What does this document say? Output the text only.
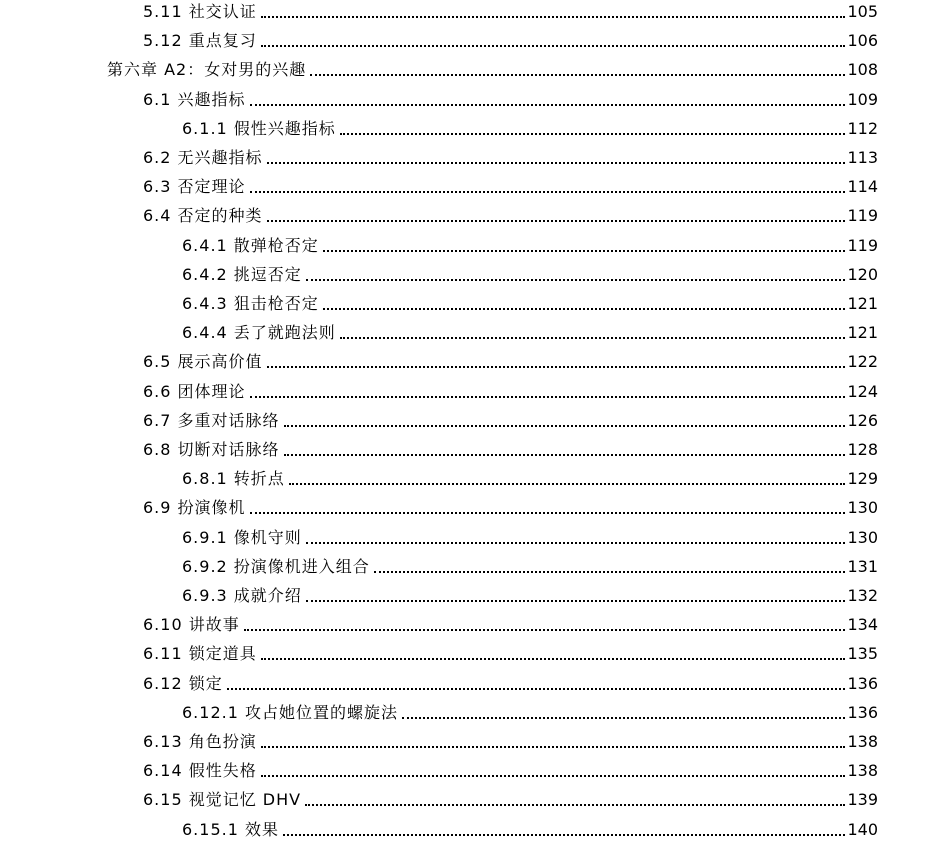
5.11 社交认证	105
5.12 重点复习	106
第六章 A2：女对男的兴趣	108
6.1 兴趣指标	109
6.1.1 假性兴趣指标	112
6.2 无兴趣指标	113
6.3 否定理论	114
6.4 否定的种类	119
6.4.1 散弹枪否定	119
6.4.2 挑逗否定	120
6.4.3 狙击枪否定	121
6.4.4 丢了就跑法则	121
6.5 展示高价值	122
6.6 团体理论	124
6.7 多重对话脉络	126
6.8 切断对话脉络	128
6.8.1 转折点	129
6.9 扮演像机	130
6.9.1 像机守则	130
6.9.2 扮演像机进入组合	131
6.9.3 成就介绍	132
6.10 讲故事	134
6.11 锁定道具	135
6.12 锁定	136
6.12.1 攻占她位置的螺旋法	136
6.13 角色扮演	138
6.14 假性失格	138
6.15 视觉记忆 DHV	139
6.15.1 效果	140
